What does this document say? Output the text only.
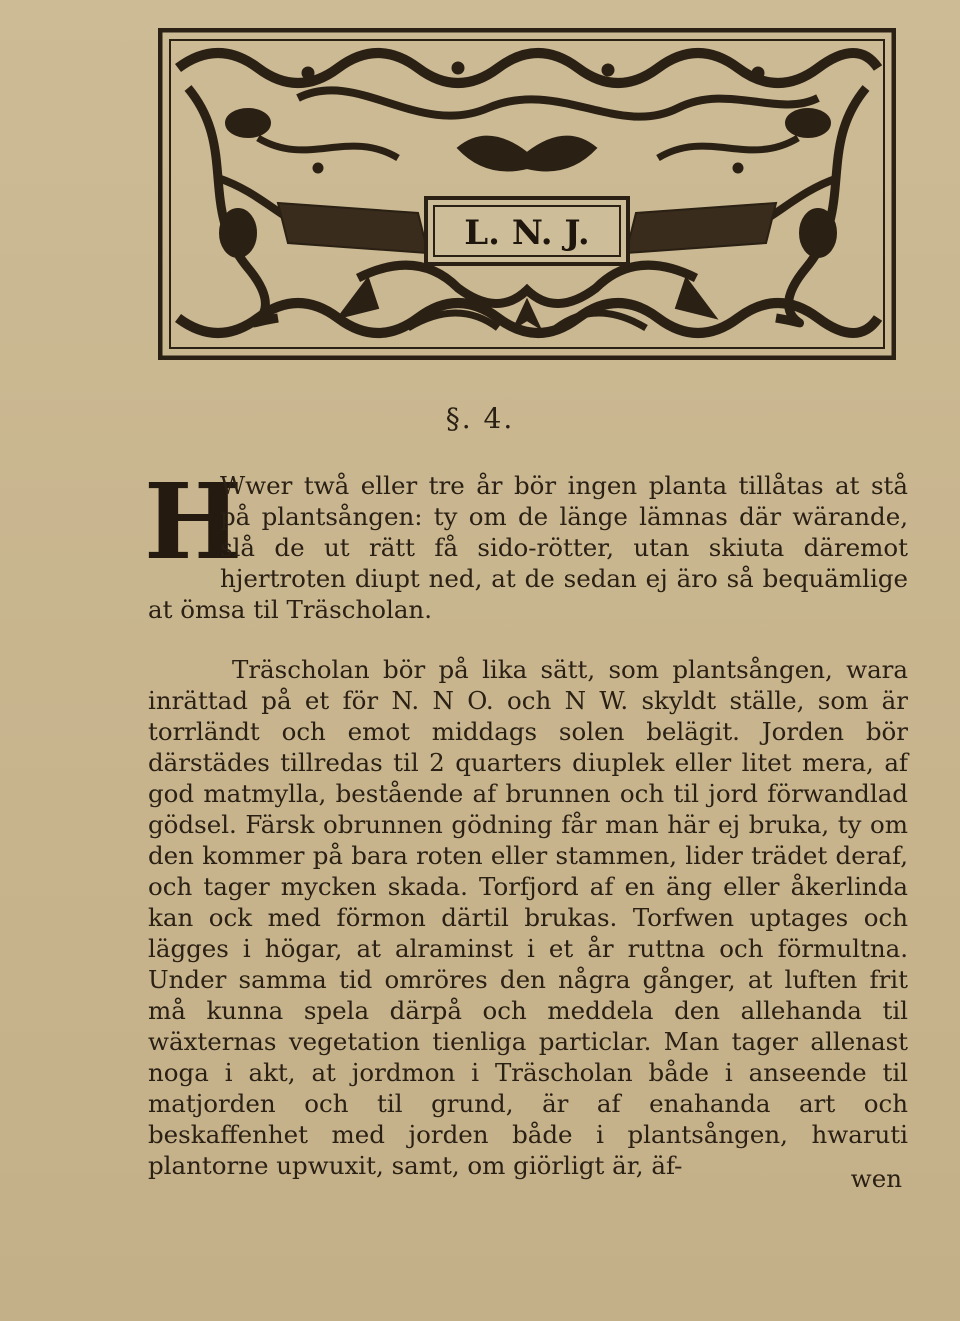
L. N. J.
§. 4.

H
Wwer twå eller tre år bör ingen planta tillåtas at stå på plantsången: ty om de länge lämnas där wärande, slå de ut rätt få sido-rötter, utan skiuta däremot hjertroten diupt ned, at de sedan ej äro så bequämlige at ömsa til Träscholan.

Träscholan bör på lika sätt, som plantsången, wara inrättad på et för N. N O. och N W. skyldt ställe, som är torrländt och emot middags solen belägit. Jorden bör därstädes tillredas til 2 quarters diuplek eller litet mera, af god matmylla, bestående af brunnen och til jord förwandlad gödsel. Färsk obrunnen gödning får man här ej bruka, ty om den kommer på bara roten eller stammen, lider trädet deraf, och tager mycken skada. Torfjord af en äng eller åkerlinda kan ock med förmon därtil brukas. Torfwen uptages och lägges i högar, at alraminst i et år ruttna och förmultna. Under samma tid omröres den några gånger, at luften frit må kunna spela därpå och meddela den allehanda til wäxternas vegetation tienliga particlar. Man tager allenast noga i akt, at jordmon i Träscholan både i anseende til matjorden och til grund, är af enahanda art och beskaffenhet med jorden både i plantsången, hwaruti plantorne upwuxit, samt, om giörligt är, äf-	wen
